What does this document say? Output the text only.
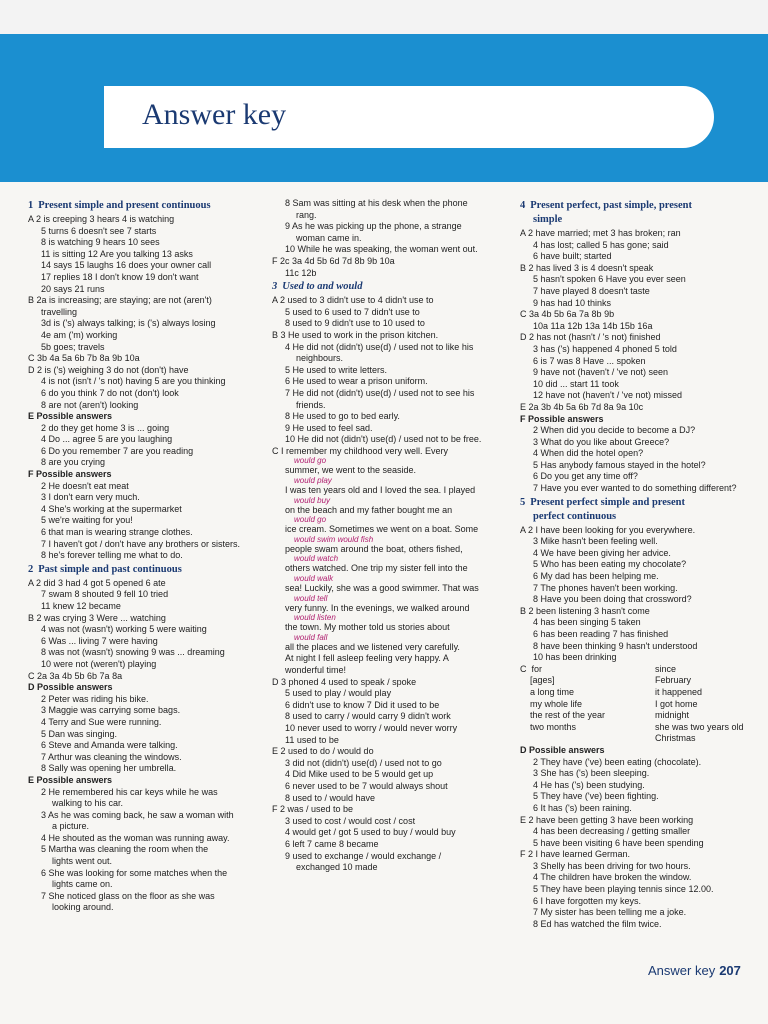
Answer key
1 Present simple and present continuous
A 2 is creeping 3 hears 4 is watching
5 turns 6 doesn't see 7 starts
8 is watching 9 hears 10 sees
11 is sitting 12 Are you talking 13 asks
14 says 15 laughs 16 does your owner call
17 replies 18 I don't know 19 don't want
20 says 21 runs
B 2a is increasing; are staying; are not (aren't)
travelling
3d is ('s) always talking; is ('s) always losing
4e am ('m) working
5b goes; travels
C 3b 4a 5a 6b 7b 8a 9b 10a
D 2 is ('s) weighing 3 do not (don't) have
4 is not (isn't / 's not) having 5 are you thinking
6 do you think 7 do not (don't) look
8 are not (aren't) looking
E Possible answers
2 do they get home 3 is ... going
4 Do ... agree 5 are you laughing
6 Do you remember 7 are you reading
8 are you crying
F Possible answers
2 He doesn't eat meat
3 I don't earn very much.
4 She's working at the supermarket
5 we're waiting for you!
6 that man is wearing strange clothes.
7 I haven't got / don't have any brothers or sisters.
8 he's forever telling me what to do.
2 Past simple and past continuous
A 2 did 3 had 4 got 5 opened 6 ate
7 swam 8 shouted 9 fell 10 tried
11 knew 12 became
B 2 was crying 3 Were ... watching
4 was not (wasn't) working 5 were waiting
6 Was ... living 7 were having
8 was not (wasn't) snowing 9 was ... dreaming
10 were not (weren't) playing
C 2a 3a 4b 5b 6b 7a 8a
D Possible answers
2 Peter was riding his bike.
3 Maggie was carrying some bags.
4 Terry and Sue were running.
5 Dan was singing.
6 Steve and Amanda were talking.
7 Arthur was cleaning the windows.
8 Sally was opening her umbrella.
E Possible answers
2 He remembered his car keys while he was
walking to his car.
3 As he was coming back, he saw a woman with
a picture.
4 He shouted as the woman was running away.
5 Martha was cleaning the room when the
lights went out.
6 She was looking for some matches when the
lights came on.
7 She noticed glass on the floor as she was
looking around.
8 Sam was sitting at his desk when the phone
rang.
9 As he was picking up the phone, a strange
woman came in.
10 While he was speaking, the woman went out.
F 2c 3a 4d 5b 6d 7d 8b 9b 10a
11c 12b
3 Used to and would
A 2 used to 3 didn't use to 4 didn't use to
5 used to 6 used to 7 didn't use to
8 used to 9 didn't use to 10 used to
B 3 He used to work in the prison kitchen.
4 He did not (didn't) use(d) / used not to like his
neighbours.
5 He used to write letters.
6 He used to wear a prison uniform.
7 He did not (didn't) use(d) / used not to see his
friends.
8 He used to go to bed early.
9 He used to feel sad.
10 He did not (didn't) use(d) / used not to be free.
C I remember my childhood very well. Every
would go
summer, we went to the seaside.
would play
I was ten years old and I loved the sea. I played
would buy
on the beach and my father bought me an
would go
ice cream. Sometimes we went on a boat. Some
would swim would fish
people swam around the boat, others fished,
would watch
others watched. One trip my sister fell into the
would walk
sea! Luckily, she was a good swimmer. That was
would tell
very funny. In the evenings, we walked around
would listen
the town. My mother told us stories about
would fall
all the places and we listened very carefully.
At night I fell asleep feeling very happy. A
wonderful time!
D 3 phoned 4 used to speak / spoke
5 used to play / would play
6 didn't use to know 7 Did it used to be
8 used to carry / would carry 9 didn't work
10 never used to worry / would never worry
11 used to be
E 2 used to do / would do
3 did not (didn't) use(d) / used not to go
4 Did Mike used to be 5 would get up
6 never used to be 7 would always shout
8 used to / would have
F 2 was / used to be
3 used to cost / would cost / cost
4 would get / got 5 used to buy / would buy
6 left 7 came 8 became
9 used to exchange / would exchange /
exchanged 10 made
4 Present perfect, past simple, present
simple
A 2 have married; met 3 has broken; ran
4 has lost; called 5 has gone; said
6 have built; started
B 2 has lived 3 is 4 doesn't speak
5 hasn't spoken 6 Have you ever seen
7 have played 8 doesn't taste
9 has had 10 thinks
C 3a 4b 5b 6a 7a 8b 9b
10a 11a 12b 13a 14b 15b 16a
D 2 has not (hasn't / 's not) finished
3 has ('s) happened 4 phoned 5 told
6 is 7 was 8 Have ... spoken
9 have not (haven't / 've not) seen
10 did ... start 11 took
12 have not (haven't / 've not) missed
E 2a 3b 4b 5a 6b 7d 8a 9a 10c
F Possible answers
2 When did you decide to become a DJ?
3 What do you like about Greece?
4 When did the hotel open?
5 Has anybody famous stayed in the hotel?
6 Do you get any time off?
7 Have you ever wanted to do something different?
5 Present perfect simple and present
perfect continuous
A 2 I have been looking for you everywhere.
3 Mike hasn't been feeling well.
4 We have been giving her advice.
5 Who has been eating my chocolate?
6 My dad has been helping me.
7 The phones haven't been working.
8 Have you been doing that crossword?
B 2 been listening 3 hasn't come
4 has been singing 5 taken
6 has been reading 7 has finished
8 have been thinking 9 hasn't understood
10 has been drinking
C  for	since
[ages]	February
a long time	it happened
my whole life	I got home
the rest of the year	midnight
two months	she was two years old
Christmas
D Possible answers
2 They have ('ve) been eating (chocolate).
3 She has ('s) been sleeping.
4 He has ('s) been studying.
5 They have ('ve) been fighting.
6 It has ('s) been raining.
E 2 have been getting 3 have been working
4 has been decreasing / getting smaller
5 have been visiting 6 have been spending
F 2 I have learned German.
3 Shelly has been driving for two hours.
4 The children have broken the window.
5 They have been playing tennis since 12.00.
6 I have forgotten my keys.
7 My sister has been telling me a joke.
8 Ed has watched the film twice.
Answer key 207
